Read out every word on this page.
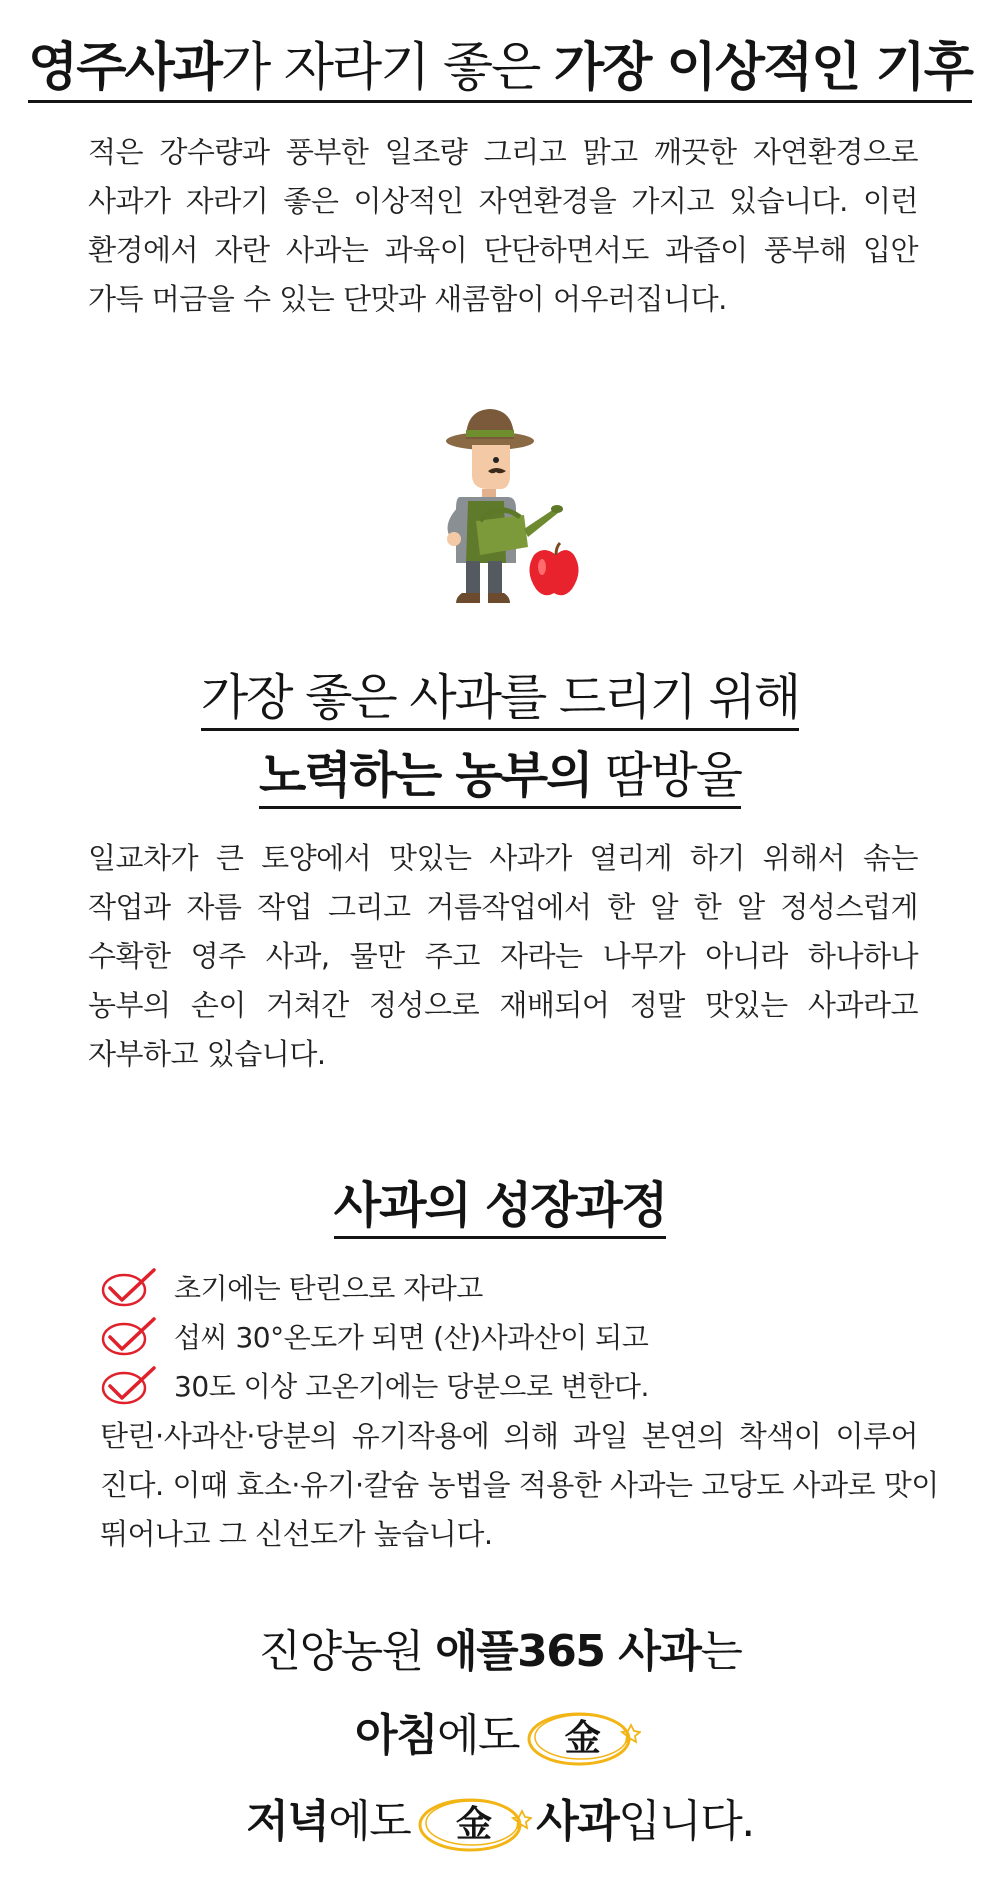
영주사과가 자라기 좋은 가장 이상적인 기후
적은 강수량과 풍부한 일조량 그리고 맑고 깨끗한 자연환경으로
사과가 자라기 좋은 이상적인 자연환경을 가지고 있습니다. 이런
환경에서 자란 사과는 과육이 단단하면서도 과즙이 풍부해 입안
가득 머금을 수 있는 단맛과 새콤함이 어우러집니다.
가장 좋은 사과를 드리기 위해
노력하는 농부의 땀방울
일교차가 큰 토양에서 맛있는 사과가 열리게 하기 위해서 솎는
작업과 자름 작업 그리고 거름작업에서 한 알 한 알 정성스럽게
수확한 영주 사과, 물만 주고 자라는 나무가 아니라 하나하나
농부의 손이 거쳐간 정성으로 재배되어 정말 맛있는 사과라고
자부하고 있습니다.
사과의 성장과정
초기에는 탄린으로 자라고
섭씨 30°온도가 되면 (산)사과산이 되고
30도 이상 고온기에는 당분으로 변한다.
탄린·사과산·당분의 유기작용에 의해 과일 본연의 착색이 이루어
진다. 이때 효소·유기·칼슘 농법을 적용한 사과는 고당도 사과로 맛이
뛰어나고 그 신선도가 높습니다.
진양농원 애플365 사과는
아침에도	金
저녁에도	金	사과입니다.
